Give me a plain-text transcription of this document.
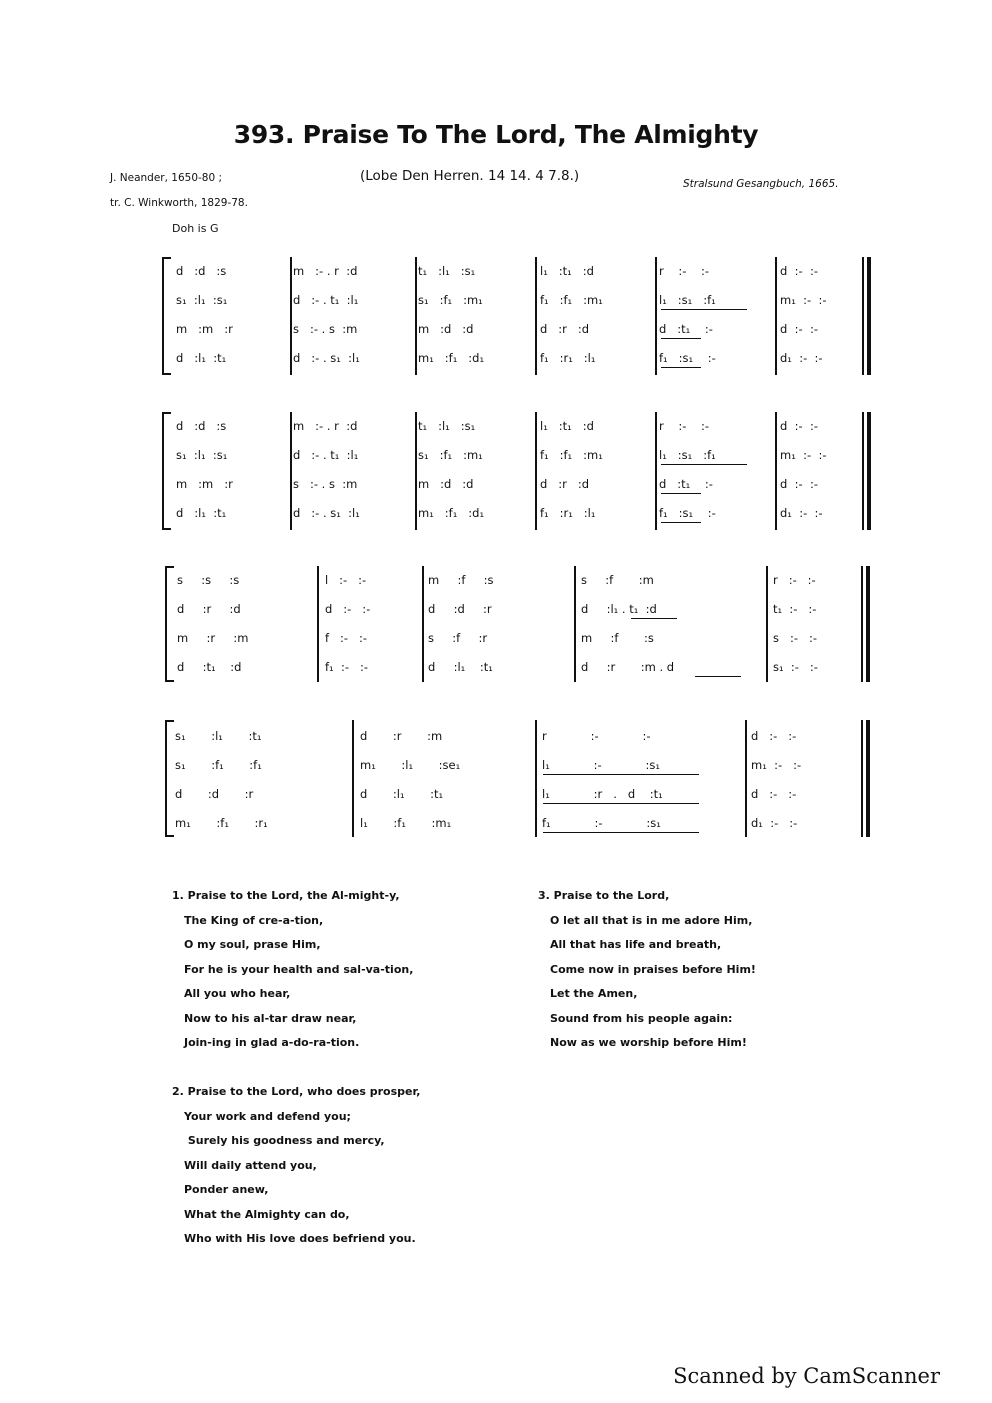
393. Praise To The Lord, The Almighty
J. Neander, 1650-80 ;
tr. C. Winkworth, 1829-78.
(Lobe Den Herren. 14 14. 4 7.8.)	Stralsund Gesangbuch, 1665.
Doh is G
d   :d   :s	m   :- . r  :d	t₁   :l₁   :s₁	l₁   :t₁   :d	r    :-    :-	d  :-  :-
s₁  :l₁  :s₁	d   :- . t₁  :l₁	s₁   :f₁   :m₁	f₁   :f₁   :m₁	l₁   :s₁   :f₁	m₁  :-  :-
m   :m   :r	s   :- . s  :m	m   :d   :d	d   :r   :d	d   :t₁    :-	d  :-  :-
d   :l₁  :t₁	d   :- . s₁  :l₁	m₁   :f₁   :d₁	f₁   :r₁   :l₁	f₁   :s₁    :-	d₁  :-  :-
d   :d   :s	m   :- . r  :d	t₁   :l₁   :s₁	l₁   :t₁   :d	r    :-    :-	d  :-  :-
s₁  :l₁  :s₁	d   :- . t₁  :l₁	s₁   :f₁   :m₁	f₁   :f₁   :m₁	l₁   :s₁   :f₁	m₁  :-  :-
m   :m   :r	s   :- . s  :m	m   :d   :d	d   :r   :d	d   :t₁    :-	d  :-  :-
d   :l₁  :t₁	d   :- . s₁  :l₁	m₁   :f₁   :d₁	f₁   :r₁   :l₁	f₁   :s₁    :-	d₁  :-  :-
s     :s     :s	l   :-   :-	m     :f     :s	s     :f       :m	r   :-   :-
d     :r     :d	d   :-   :-	d     :d     :r	d     :l₁ . t₁  :d	t₁  :-   :-
m     :r     :m	f   :-   :-	s     :f     :r	m     :f       :s	s   :-   :-
d     :t₁    :d	f₁  :-   :-	d     :l₁    :t₁	d     :r       :m . d	s₁  :-   :-
s₁       :l₁       :t₁	d       :r       :m	r            :-            :-	d   :-   :-
s₁       :f₁       :f₁	m₁       :l₁       :se₁	l₁            :-            :s₁	m₁  :-   :-
d       :d       :r	d       :l₁       :t₁	l₁            :r   .   d    :t₁	d   :-   :-
m₁       :f₁       :r₁	l₁       :f₁       :m₁	f₁            :-            :s₁	d₁  :-   :-
1. Praise to the Lord, the Al-might-y,
The King of cre-a-tion,
O my soul, prase Him,
For he is your health and sal-va-tion,
All you who hear,
Now to his al-tar draw near,
Join-ing in glad a-do-ra-tion.
2. Praise to the Lord, who does prosper,
Your work and defend you;
Surely his goodness and mercy,
Will daily attend you,
Ponder anew,
What the Almighty can do,
Who with His love does befriend you.
3. Praise to the Lord,
O let all that is in me adore Him,
All that has life and breath,
Come now in praises before Him!
Let the Amen,
Sound from his people again:
Now as we worship before Him!
Scanned by CamScanner
